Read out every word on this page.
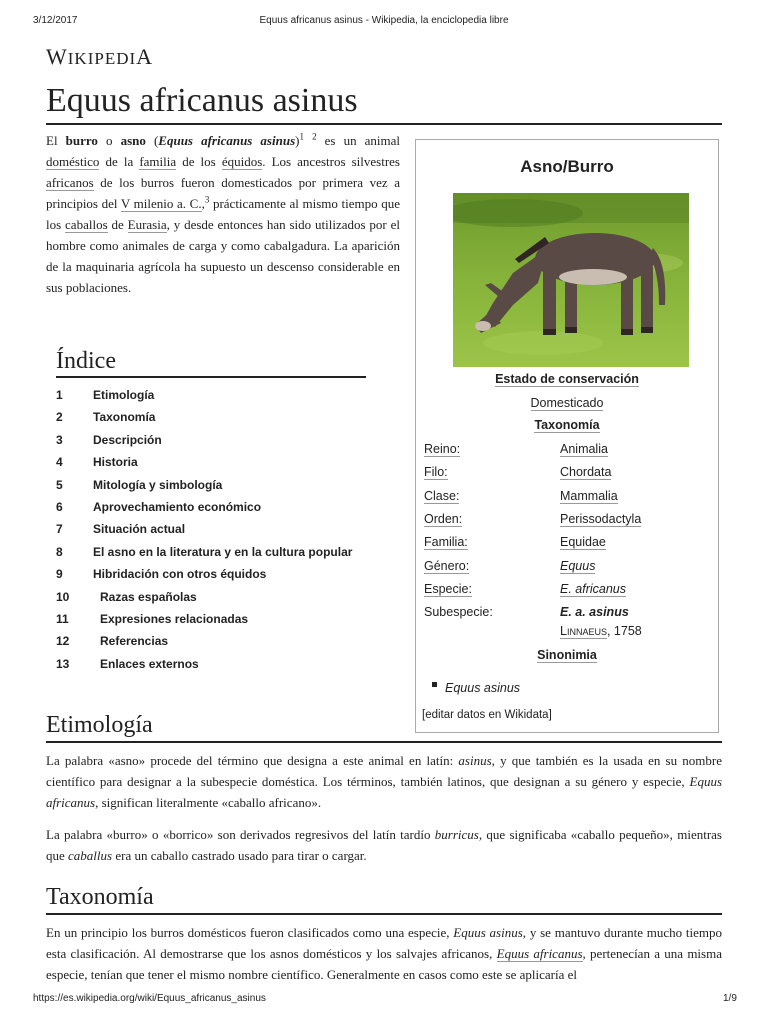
3/12/2017	Equus africanus asinus - Wikipedia, la enciclopedia libre
WIKIPEDIA
Equus africanus asinus

El burro o asno (Equus africanus asinus)$^1$ $^2$ es un animal doméstico de la familia de los équidos. Los ancestros silvestres africanos de los burros fueron domesticados por primera vez a principios del V milenio a. C.,$^3$ prácticamente al mismo tiempo que los caballos de Eurasia, y desde entonces han sido utilizados por el hombre como animales de carga y como cabalgadura. La aparición de la maquinaria agrícola ha supuesto un descenso considerable en sus poblaciones.

Índice
1	Etimología
2	Taxonomía
3	Descripción
4	Historia
5	Mitología y simbología
6	Aprovechamiento económico
7	Situación actual
8	El asno en la literatura y en la cultura popular
9	Hibridación con otros équidos
10	Razas españolas
11	Expresiones relacionadas
12	Referencias
13	Enlaces externos
Asno/Burro
Estado de conservación
Domesticado
Taxonomía
Reino:	Animalia
Filo:	Chordata
Clase:	Mammalia
Orden:	Perissodactyla
Familia:	Equidae
Género:	Equus
Especie:	E. africanus
Subespecie:	E. a. asinus
Linnaeus, 1758
Sinonimia
Equus asinus
[editar datos en Wikidata]
Etimología

La palabra «asno» procede del término que designa a este animal en latín: asinus, y que también es la usada en su nombre científico para designar a la subespecie doméstica. Los términos, también latinos, que designan a su género y especie, Equus africanus, significan literalmente «caballo africano».

La palabra «burro» o «borrico» son derivados regresivos del latín tardío burricus, que significaba «caballo pequeño», mientras que caballus era un caballo castrado usado para tirar o cargar.

Taxonomía

En un principio los burros domésticos fueron clasificados como una especie, Equus asinus, y se mantuvo durante mucho tiempo esta clasificación. Al demostrarse que los asnos domésticos y los salvajes africanos, Equus africanus, pertenecían a una misma especie, tenían que tener el mismo nombre científico. Generalmente en casos como este se aplicaría el

https://es.wikipedia.org/wiki/Equus_africanus_asinus	1/9
